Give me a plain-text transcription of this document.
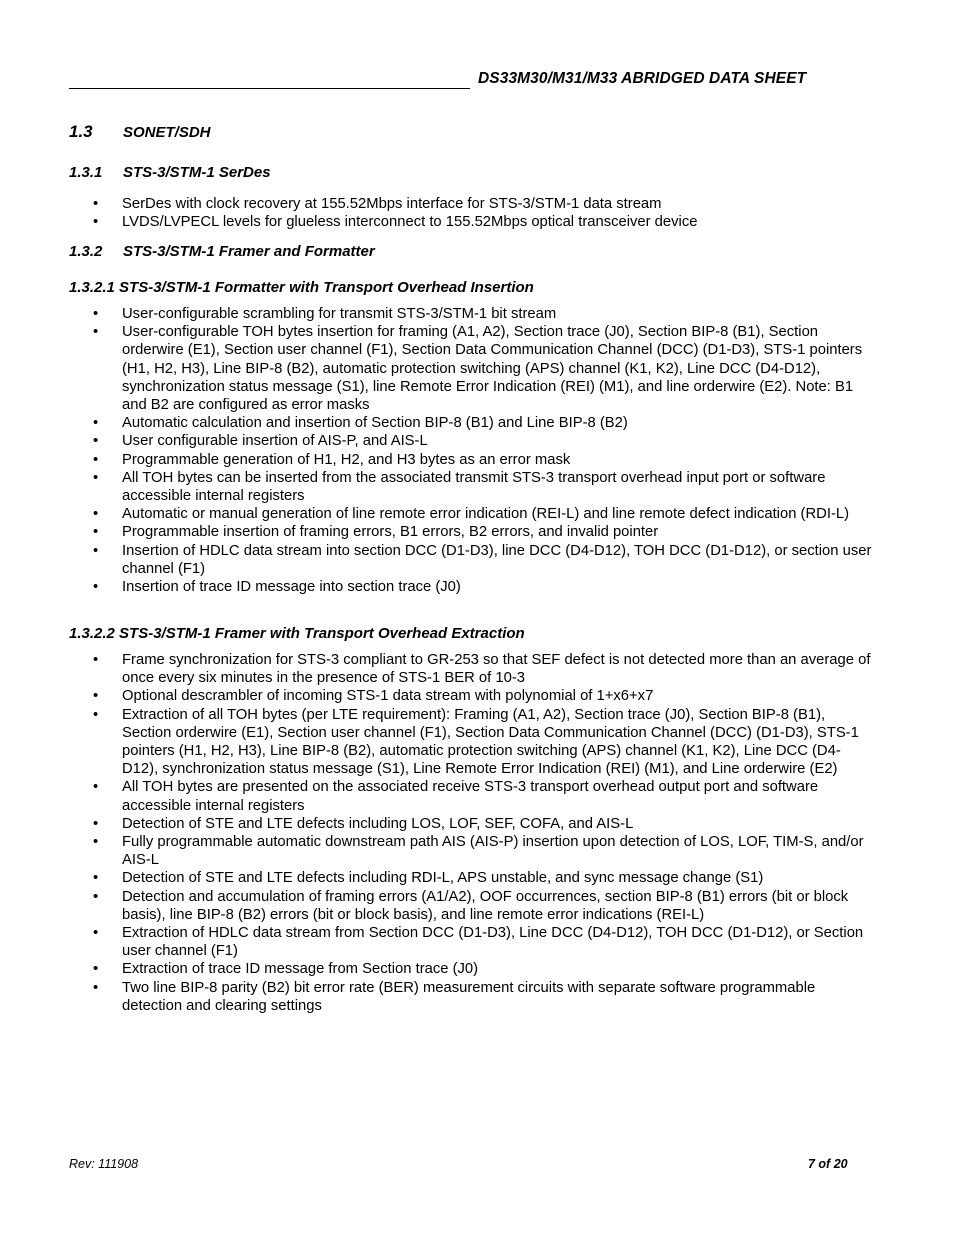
DS33M30/M31/M33 ABRIDGED DATA SHEET
1.3 SONET/SDH
1.3.1 STS-3/STM-1 SerDes
• SerDes with clock recovery at 155.52Mbps interface for STS-3/STM-1 data stream
• LVDS/LVPECL levels for glueless interconnect to 155.52Mbps optical transceiver device
1.3.2 STS-3/STM-1 Framer and Formatter
1.3.2.1 STS-3/STM-1 Formatter with Transport Overhead Insertion
• User-configurable scrambling for transmit STS-3/STM-1 bit stream
• User-configurable TOH bytes insertion for framing (A1, A2), Section trace (J0), Section BIP-8 (B1), Section orderwire (E1), Section user channel (F1), Section Data Communication Channel (DCC) (D1-D3), STS-1 pointers (H1, H2, H3), Line BIP-8 (B2), automatic protection switching (APS) channel (K1, K2), Line DCC (D4-D12), synchronization status message (S1), line Remote Error Indication (REI) (M1), and line orderwire (E2). Note: B1 and B2 are configured as error masks
• Automatic calculation and insertion of Section BIP-8 (B1) and Line BIP-8 (B2)
• User configurable insertion of AIS-P, and AIS-L
• Programmable generation of H1, H2, and H3 bytes as an error mask
• All TOH bytes can be inserted from the associated transmit STS-3 transport overhead input port or software accessible internal registers
• Automatic or manual generation of line remote error indication (REI-L) and line remote defect indication (RDI-L)
• Programmable insertion of framing errors, B1 errors, B2 errors, and invalid pointer
• Insertion of HDLC data stream into section DCC (D1-D3), line DCC (D4-D12), TOH DCC (D1-D12), or section user channel (F1)
• Insertion of trace ID message into section trace (J0)
1.3.2.2 STS-3/STM-1 Framer with Transport Overhead Extraction
• Frame synchronization for STS-3 compliant to GR-253 so that SEF defect is not detected more than an average of once every six minutes in the presence of STS-1 BER of 10-3
• Optional descrambler of incoming STS-1 data stream with polynomial of 1+x6+x7
• Extraction of all TOH bytes (per LTE requirement): Framing (A1, A2), Section trace (J0), Section BIP-8 (B1), Section orderwire (E1), Section user channel (F1), Section Data Communication Channel (DCC) (D1-D3), STS-1 pointers (H1, H2, H3), Line BIP-8 (B2), automatic protection switching (APS) channel (K1, K2), Line DCC (D4-D12), synchronization status message (S1), Line Remote Error Indication (REI) (M1), and Line orderwire (E2)
• All TOH bytes are presented on the associated receive STS-3 transport overhead output port and software accessible internal registers
• Detection of STE and LTE defects including LOS, LOF, SEF, COFA, and AIS-L
• Fully programmable automatic downstream path AIS (AIS-P) insertion upon detection of LOS, LOF, TIM-S, and/or AIS-L
• Detection of STE and LTE defects including RDI-L, APS unstable, and sync message change (S1)
• Detection and accumulation of framing errors (A1/A2), OOF occurrences, section BIP-8 (B1) errors (bit or block basis), line BIP-8 (B2) errors (bit or block basis), and line remote error indications (REI-L)
• Extraction of HDLC data stream from Section DCC (D1-D3), Line DCC (D4-D12), TOH DCC (D1-D12), or Section user channel (F1)
• Extraction of trace ID message from Section trace (J0)
• Two line BIP-8 parity (B2) bit error rate (BER) measurement circuits with separate software programmable detection and clearing settings
Rev: 111908	7 of 20
